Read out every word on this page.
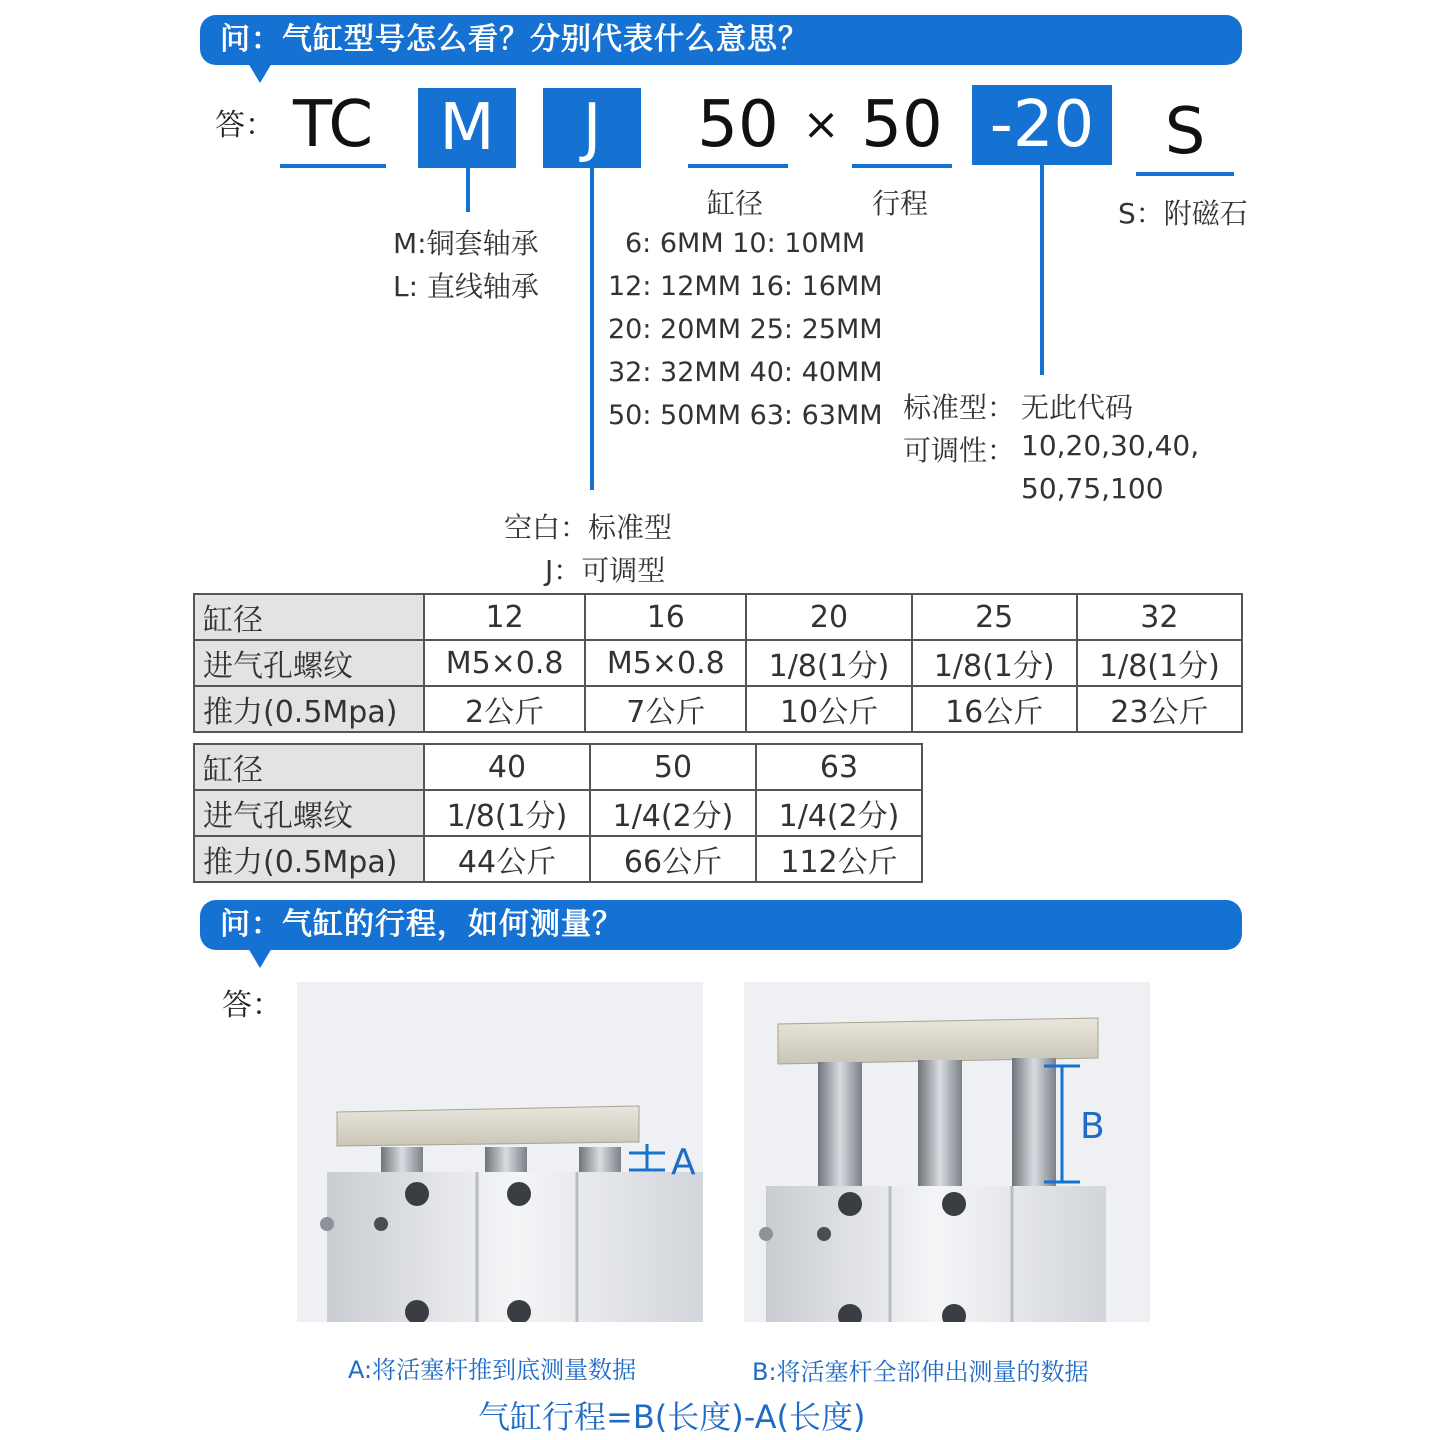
问：气缸型号怎么看？分别代表什么意思？
答： TC	M	J	50 × 50 -20	S
缸径	行程	S：附磁石
M:铜套轴承
L: 直线轴承
6: 6MM 10: 10MM
12: 12MM 16: 16MM
20: 20MM 25: 25MM
32: 32MM 40: 40MM
50: 50MM 63: 63MM 标准型： 无此代码
可调性： 10,20,30,40,
50,75,100
空白：标准型
J：可调型
缸径	12	16	20	25	32
进气孔螺纹	M5×0.8	M5×0.8	1/8(1分)	1/8(1分)	1/8(1分)
推力(0.5Mpa)	2公斤	7公斤	10公斤	16公斤	23公斤
缸径	40	50	63
进气孔螺纹	1/8(1分)	1/4(2分)	1/4(2分)
推力(0.5Mpa)	44公斤	66公斤	112公斤
问：气缸的行程，如何测量？
答：
A
B
A:将活塞杆推到底测量数据	B:将活塞杆全部伸出测量的数据
气缸行程=B(长度)-A(长度)
